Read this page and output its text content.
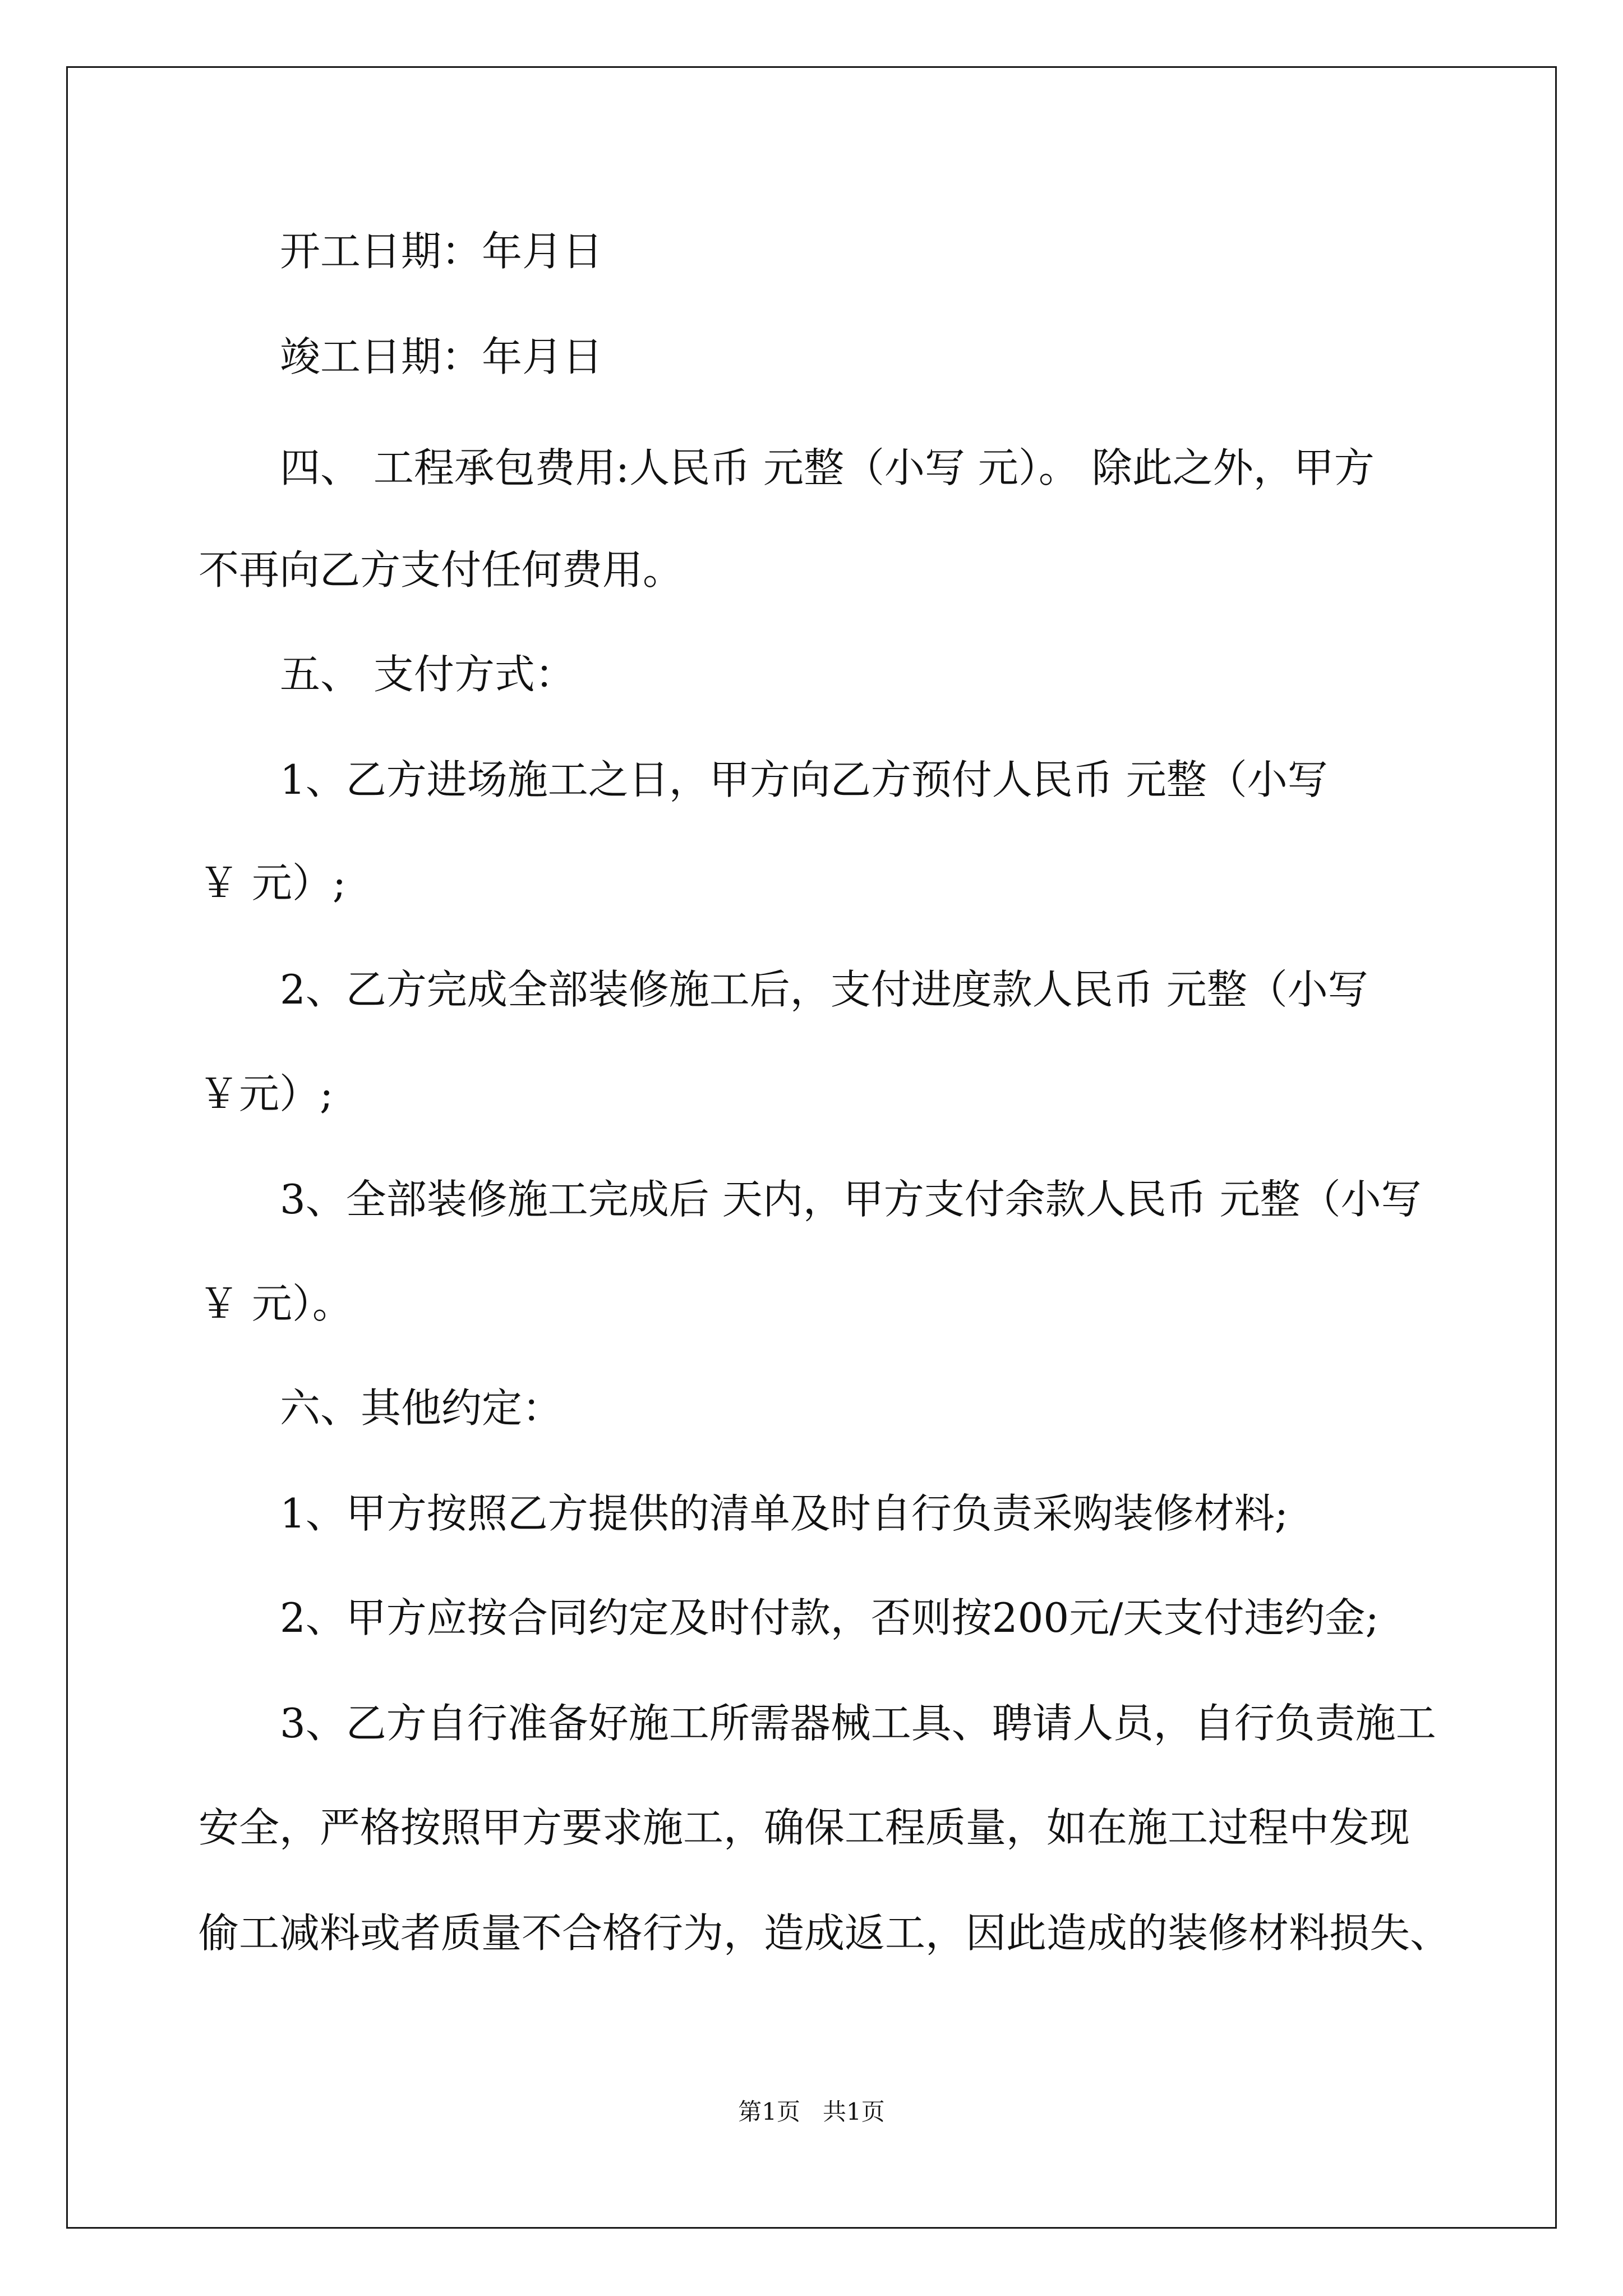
开工日期：年月日
竣工日期：年月日
四、 工程承包费用:人民币 元整（小写 元）。 除此之外，甲方
不再向乙方支付任何费用。
五、 支付方式：
1、乙方进场施工之日，甲方向乙方预付人民币 元整（小写
￥ 元）;
2、乙方完成全部装修施工后，支付进度款人民币 元整（小写
￥元）;
3、全部装修施工完成后 天内，甲方支付余款人民币 元整（小写
￥ 元）。
六、其他约定：
1、甲方按照乙方提供的清单及时自行负责采购装修材料;
2、甲方应按合同约定及时付款，否则按200元/天支付违约金;
3、乙方自行准备好施工所需器械工具、聘请人员，自行负责施工
安全，严格按照甲方要求施工，确保工程质量，如在施工过程中发现
偷工减料或者质量不合格行为，造成返工，因此造成的装修材料损失、
第1页   共1页
